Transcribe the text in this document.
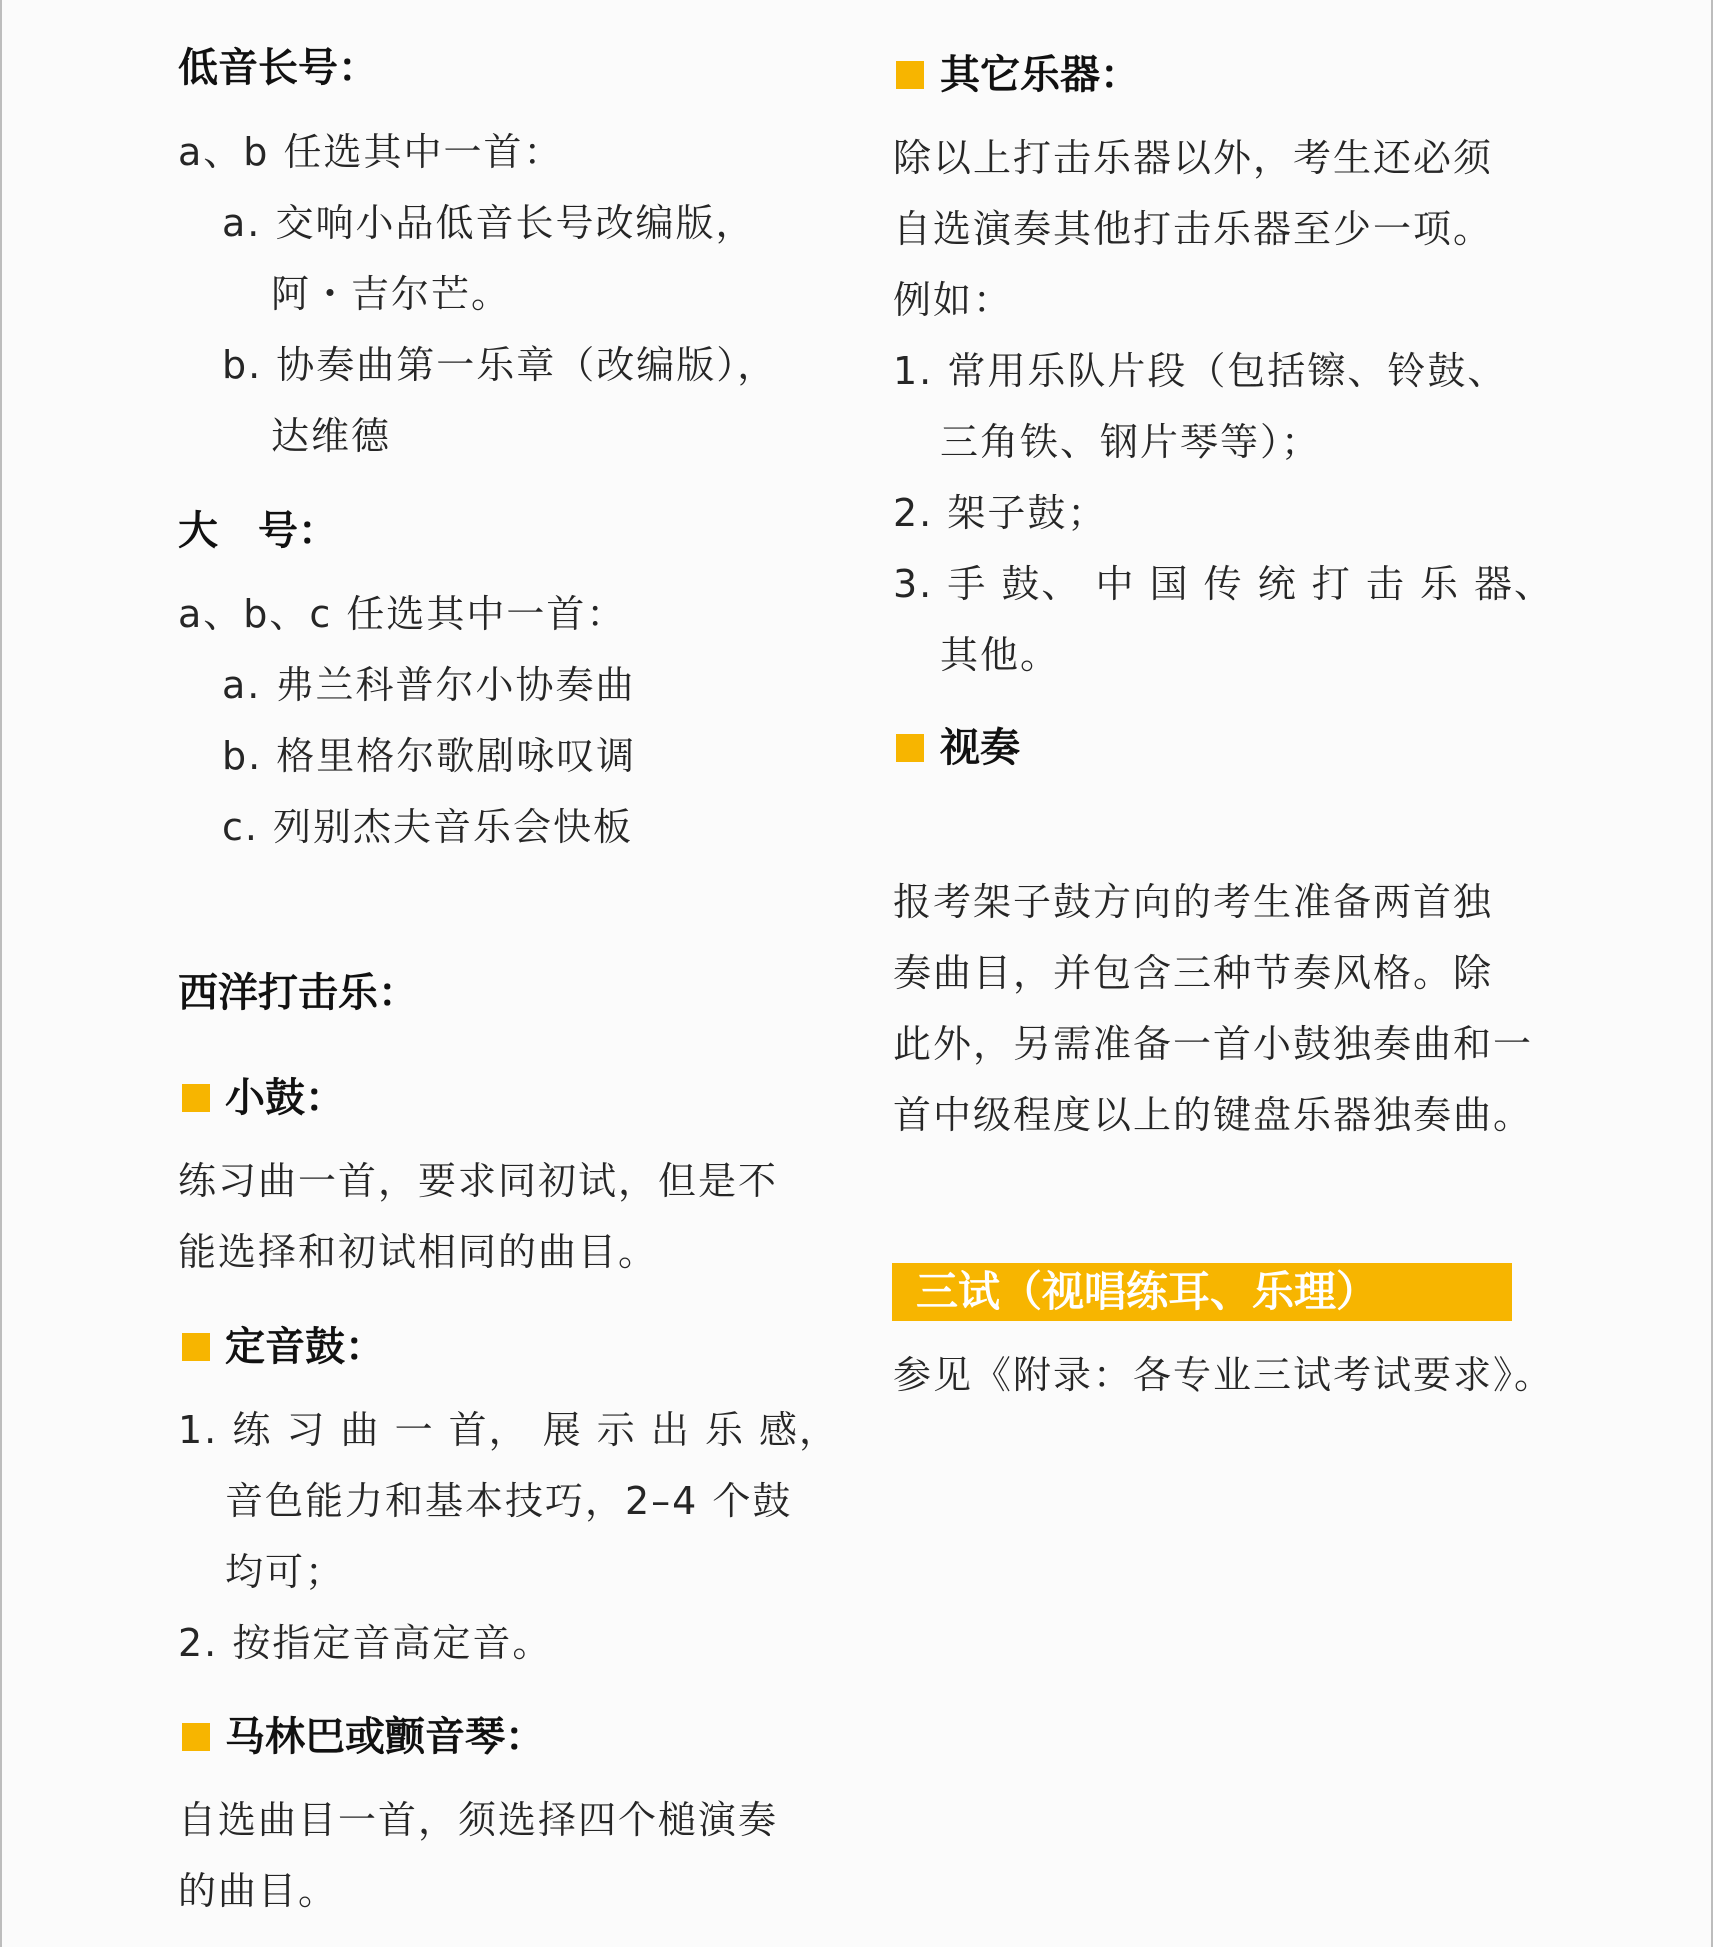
低音长号：
a、b 任选其中一首：
a. 交响小品低音长号改编版，
阿・吉尔芒。
b. 协奏曲第一乐章（改编版），
达维德
大　号：
a、b、c 任选其中一首：
a. 弗兰科普尔小协奏曲
b. 格里格尔歌剧咏叹调
c. 列别杰夫音乐会快板
西洋打击乐：
小鼓：
练习曲一首，要求同初试，但是不
能选择和初试相同的曲目。
定音鼓：
1. 练 习 曲 一 首， 展 示 出 乐 感，
音色能力和基本技巧，2–4 个鼓
均可；
2. 按指定音高定音。
马林巴或颤音琴：
自选曲目一首，须选择四个槌演奏
的曲目。
其它乐器：
除以上打击乐器以外，考生还必须
自选演奏其他打击乐器至少一项。
例如：
1. 常用乐队片段（包括镲、铃鼓、
三角铁、钢片琴等）；
2. 架子鼓；
3. 手 鼓、 中 国 传 统 打 击 乐 器、
其他。
视奏
报考架子鼓方向的考生准备两首独
奏曲目，并包含三种节奏风格。除
此外，另需准备一首小鼓独奏曲和一
首中级程度以上的键盘乐器独奏曲。
三试（视唱练耳、乐理）
参见《附录：各专业三试考试要求》。
